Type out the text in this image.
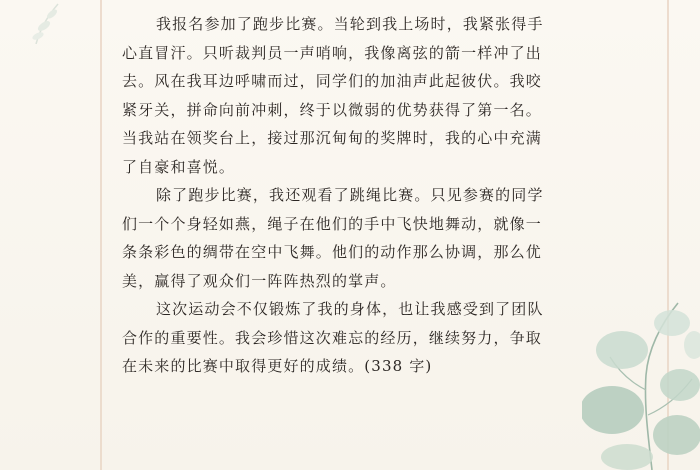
我报名参加了跑步比赛。当轮到我上场时，我紧张得手
心直冒汗。只听裁判员一声哨响，我像离弦的箭一样冲了出
去。风在我耳边呼啸而过，同学们的加油声此起彼伏。我咬
紧牙关，拼命向前冲刺，终于以微弱的优势获得了第一名。
当我站在领奖台上，接过那沉甸甸的奖牌时，我的心中充满
了自豪和喜悦。
除了跑步比赛，我还观看了跳绳比赛。只见参赛的同学
们一个个身轻如燕，绳子在他们的手中飞快地舞动，就像一
条条彩色的绸带在空中飞舞。他们的动作那么协调，那么优
美，赢得了观众们一阵阵热烈的掌声。
这次运动会不仅锻炼了我的身体，也让我感受到了团队
合作的重要性。我会珍惜这次难忘的经历，继续努力，争取
在未来的比赛中取得更好的成绩。(338 字)
